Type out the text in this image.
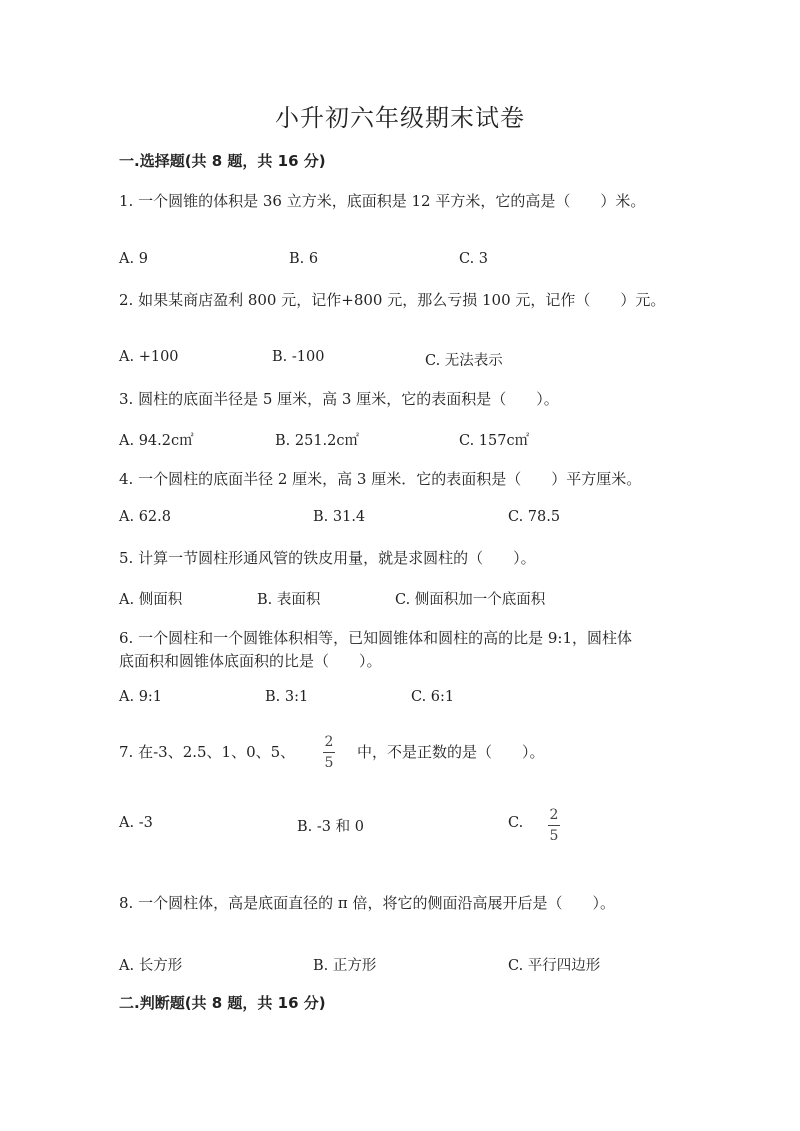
小升初六年级期末试卷
一.选择题(共 8 题，共 16 分)
1. 一个圆锥的体积是 36 立方米，底面积是 12 平方米，它的高是（　　）米。
A. 9	B. 6	C. 3
2. 如果某商店盈利 800 元，记作+800 元，那么亏损 100 元，记作（　　）元。
A. +100	B. -100	C. 无法表示
3. 圆柱的底面半径是 5 厘米，高 3 厘米，它的表面积是（　　）。
A. 94.2c㎡	B. 251.2c㎡	C. 157c㎡
4. 一个圆柱的底面半径 2 厘米，高 3 厘米．它的表面积是（　　）平方厘米。
A. 62.8	B. 31.4	C. 78.5
5. 计算一节圆柱形通风管的铁皮用量，就是求圆柱的（　　）。
A. 侧面积	B. 表面积	C. 侧面积加一个底面积
6. 一个圆柱和一个圆锥体积相等，已知圆锥体和圆柱的高的比是 9:1，圆柱体
底面积和圆锥体底面积的比是（　　）。
A. 9:1	B. 3:1	C. 6:1
7. 在-3、2.5、1、0、5、
2
5
中，不是正数的是（　　）。
A. -3	B. -3 和 0	C. 2
5
8. 一个圆柱体，高是底面直径的 π 倍，将它的侧面沿高展开后是（　　）。
A. 长方形	B. 正方形	C. 平行四边形
二.判断题(共 8 题，共 16 分)
